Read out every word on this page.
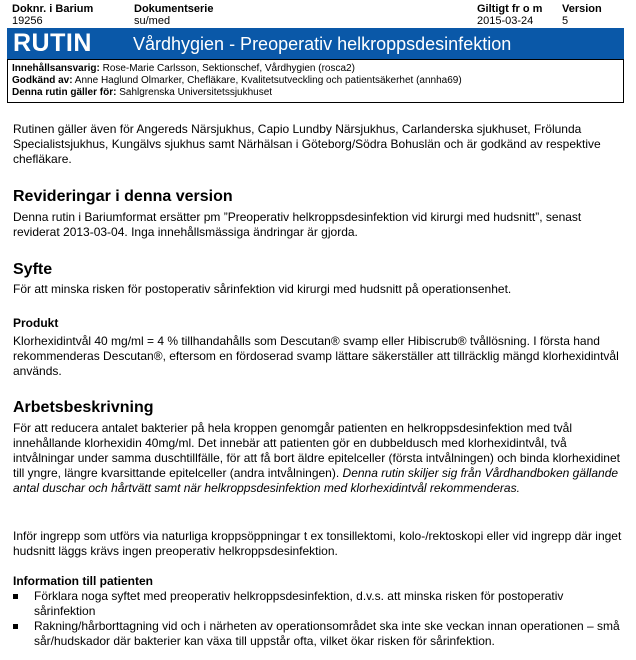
Doknr. i Barium
19256
Dokumentserie
su/med
Giltigt fr o m
2015-03-24
Version
5
RUTIN Vårdhygien - Preoperativ helkroppsdesinfektion
Innehållsansvarig: Rose-Marie Carlsson, Sektionschef, Vårdhygien (rosca2)
Godkänd av: Anne Haglund Olmarker, Chefläkare, Kvalitetsutveckling och patientsäkerhet (annha69)
Denna rutin gäller för: Sahlgrenska Universitetssjukhuset

Rutinen gäller även för Angereds Närsjukhus, Capio Lundby Närsjukhus, Carlanderska sjukhuset, Frölunda Specialistsjukhus, Kungälvs sjukhus samt Närhälsan i Göteborg/Södra Bohuslän och är godkänd av respektive chefläkare.

Revideringar i denna version

Denna rutin i Bariumformat ersätter pm ”Preoperativ helkroppsdesinfektion vid kirurgi med hudsnitt”, senast reviderat 2013-03-04. Inga innehållsmässiga ändringar är gjorda.

Syfte

För att minska risken för postoperativ sårinfektion vid kirurgi med hudsnitt på operationsenhet.

Produkt

Klorhexidintvål 40 mg/ml = 4 % tillhandahålls som Descutan® svamp eller Hibiscrub® tvållösning. I första hand rekommenderas Descutan®, eftersom en fördoserad svamp lättare säkerställer att tillräcklig mängd klorhexidintvål används.

Arbetsbeskrivning

För att reducera antalet bakterier på hela kroppen genomgår patienten en helkroppsdesinfektion med tvål innehållande klorhexidin 40mg/ml. Det innebär att patienten gör en dubbeldusch med klorhexidintvål, två intvålningar under samma duschtillfälle, för att få bort äldre epitelceller (första intvålningen) och binda klorhexidinet till yngre, längre kvarsittande epitelceller (andra intvålningen). Denna rutin skiljer sig från Vårdhandboken gällande antal duschar och hårtvätt samt när helkroppsdesinfektion med klorhexidintvål rekommenderas.

Inför ingrepp som utförs via naturliga kroppsöppningar t ex tonsillektomi, kolo-/rektoskopi eller vid ingrepp där inget hudsnitt läggs krävs ingen preoperativ helkroppsdesinfektion.

Information till patienten
Förklara noga syftet med preoperativ helkroppsdesinfektion, d.v.s. att minska risken för postoperativ sårinfektion
Rakning/hårborttagning vid och i närheten av operationsområdet ska inte ske veckan innan operationen – små sår/hudskador där bakterier kan växa till uppstår ofta, vilket ökar risken för sårinfektion.
